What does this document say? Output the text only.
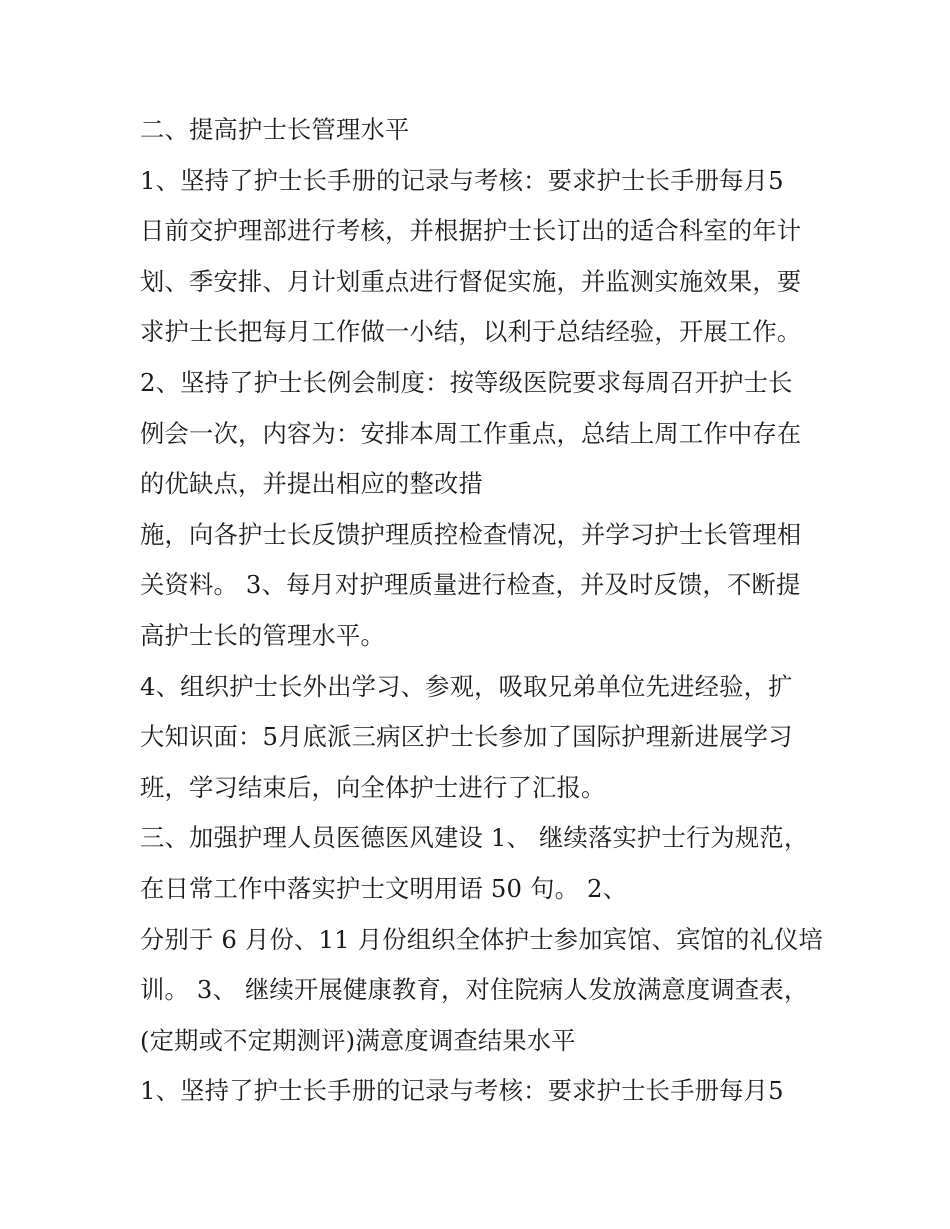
二、提高护士长管理水平
1、坚持了护士长手册的记录与考核：要求护士长手册每月5
日前交护理部进行考核，并根据护士长订出的适合科室的年计
划、季安排、月计划重点进行督促实施，并监测实施效果，要
求护士长把每月工作做一小结，以利于总结经验，开展工作。
2、坚持了护士长例会制度：按等级医院要求每周召开护士长
例会一次，内容为：安排本周工作重点，总结上周工作中存在
的优缺点，并提出相应的整改措
施，向各护士长反馈护理质控检查情况，并学习护士长管理相
关资料。 3、每月对护理质量进行检查，并及时反馈，不断提
高护士长的管理水平。
4、组织护士长外出学习、参观，吸取兄弟单位先进经验，扩
大知识面：5月底派三病区护士长参加了国际护理新进展学习
班，学习结束后，向全体护士进行了汇报。
三、加强护理人员医德医风建设 1、 继续落实护士行为规范，
在日常工作中落实护士文明用语 50 句。 2、
分别于 6 月份、11 月份组织全体护士参加宾馆、宾馆的礼仪培
训。 3、 继续开展健康教育，对住院病人发放满意度调查表，
(定期或不定期测评)满意度调查结果水平
1、坚持了护士长手册的记录与考核：要求护士长手册每月5
